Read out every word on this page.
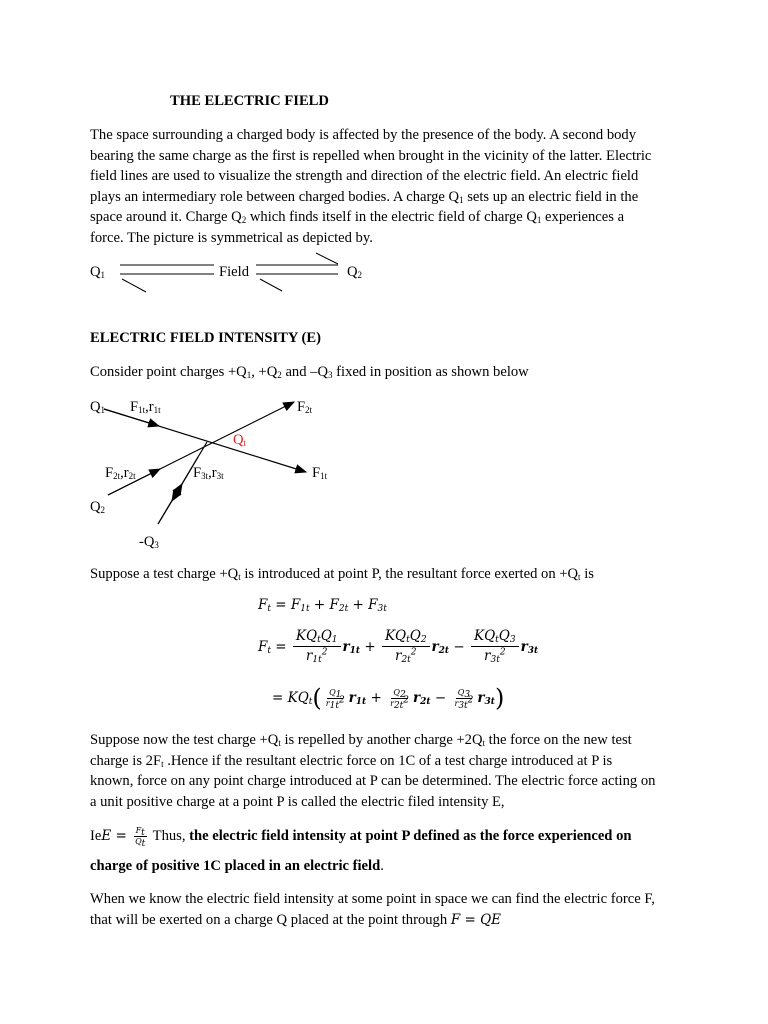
THE ELECTRIC FIELD
The space surrounding a charged body is affected by the presence of the body. A second body
bearing the same charge as the first is repelled when brought in the vicinity of the latter. Electric
field lines are used to visualize the strength and direction of the electric field. An electric field
plays an intermediary role between charged bodies. A charge $Q_1$ sets up an electric field in the
space around it. Charge $Q_2$ which finds itself in the electric field of charge $Q_1$ experiences a
force. The picture is symmetrical as depicted by.
$Q_1$	Field	$Q_2$
ELECTRIC FIELD INTENSITY (E)
Consider point charges $+Q_1$, $+Q_2$ and $-Q_3$ fixed in position as shown below
$Q_1$ $F_{1t},r_{1t}$	$F_{2t}$
$Q_t$
$F_{2t},r_{2t}$	$F_{3t},r_{3t}$	$F_{1t}$
$Q_2$
$-Q_3$
Suppose a test charge $+Q_t$ is introduced at point P, the resultant force exerted on $+Q_t$ is
$F_t = F_{1t} + F_{2t} + F_{3t}$
$F_t = \frac{KQ_tQ_1}{r_{1t}^2} r_{1t} + \frac{KQ_tQ_2}{r_{2t}^2} r_{2t} - \frac{KQ_tQ_3}{r_{3t}^2} r_{3t}$
= $KQ_t$ ( $\frac{Q_1}{r_{1t}^2} r_{1t} + \frac{Q_2}{r_{2t}^2} r_{2t} - \frac{Q_3}{r_{3t}^2} r_{3t}$ )
Suppose now the test charge $+Q_t$ is repelled by another charge $+2Q_t$ the force on the new test
charge is $2F_t$ .Hence if the resultant electric force on 1C of a test charge introduced at P is
known, force on any point charge introduced at P can be determined. The electric force acting on
a unit positive charge at a point P is called the electric filed intensity E,
Ie $E = \frac{F_t}{Q_t}$ Thus, the electric field intensity at point P defined as the force experienced on
charge of positive 1C placed in an electric field.
When we know the electric field intensity at some point in space we can find the electric force F,
that will be exerted on a charge Q placed at the point through F = QE
